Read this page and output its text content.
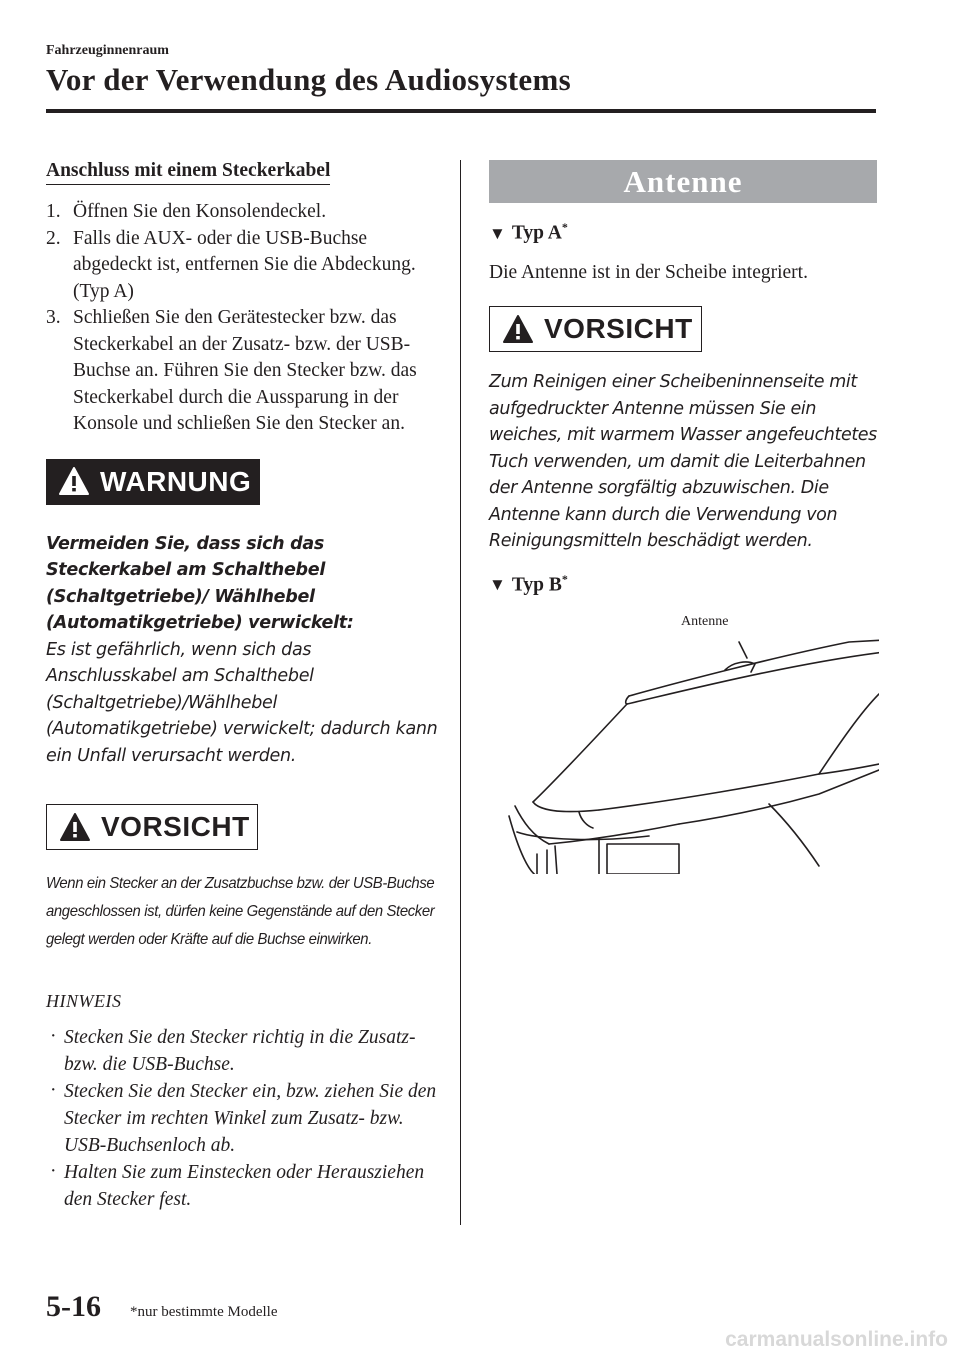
Fahrzeuginnenraum
Vor der Verwendung des Audiosystems
Anschluss mit einem Steckerkabel
1. Öffnen Sie den Konsolendeckel.
2. Falls die AUX- oder die USB-Buchse abgedeckt ist, entfernen Sie die Abdeckung. (Typ A)
3. Schließen Sie den Gerätestecker bzw. das Steckerkabel an der Zusatz- bzw. der USB-Buchse an. Führen Sie den Stecker bzw. das Steckerkabel durch die Aussparung in der Konsole und schließen Sie den Stecker an.
WARNUNG

Vermeiden Sie, dass sich das Steckerkabel am Schalthebel (Schaltgetriebe)/ Wählhebel (Automatikgetriebe) verwickelt:
Es ist gefährlich, wenn sich das Anschlusskabel am Schalthebel (Schaltgetriebe)/Wählhebel (Automatikgetriebe) verwickelt; dadurch kann ein Unfall verursacht werden.

VORSICHT

Wenn ein Stecker an der Zusatzbuchse bzw. der USB-Buchse angeschlossen ist, dürfen keine Gegenstände auf den Stecker gelegt werden oder Kräfte auf die Buchse einwirken.

HINWEIS

· Stecken Sie den Stecker richtig in die Zusatz- bzw. die USB-Buchse.
· Stecken Sie den Stecker ein, bzw. ziehen Sie den Stecker im rechten Winkel zum Zusatz- bzw. USB-Buchsenloch ab.
· Halten Sie zum Einstecken oder Herausziehen den Stecker fest.
Antenne

▼ Typ A*

Die Antenne ist in der Scheibe integriert.

VORSICHT

Zum Reinigen einer Scheibeninnenseite mit aufgedruckter Antenne müssen Sie ein weiches, mit warmem Wasser angefeuchtetes Tuch verwenden, um damit die Leiterbahnen der Antenne sorgfältig abzuwischen. Die Antenne kann durch die Verwendung von Reinigungsmitteln beschädigt werden.

▼ Typ B*

Antenne
5-16 *nur bestimmte Modelle
carmanualsonline.info
